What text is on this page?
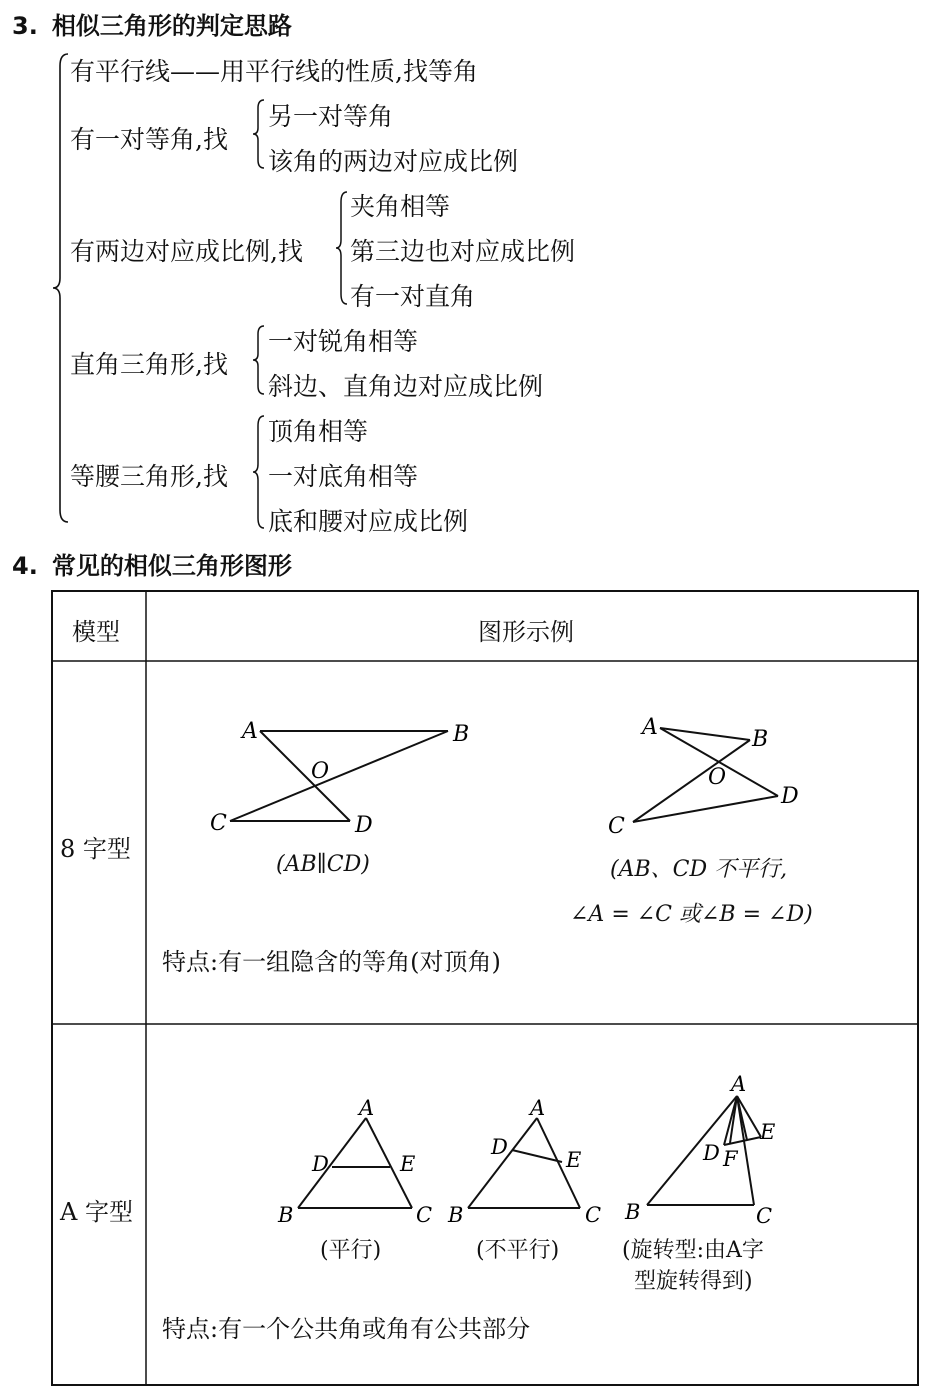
3. 相似三角形的判定思路
有平行线——用平行线的性质,找等角
有一对等角,找
另一对等角
该角的两边对应成比例
有两边对应成比例,找
夹角相等
第三边也对应成比例
有一对直角
直角三角形,找
一对锐角相等
斜边、直角边对应成比例
等腰三角形,找
顶角相等
一对底角相等
底和腰对应成比例
4. 常见的相似三角形图形
模型	图形示例
8 字型
A	B
O
C	D
(AB∥CD)
A	B
O
D
C
(AB、CD 不平行,
∠A = ∠C 或∠B = ∠D)
特点:有一组隐含的等角(对顶角)
A 字型
A
D	E
B	C
(平行)
A
D
E
B	C
(不平行)
A
E
D F
B	C
(旋转型:由A字
型旋转得到)
特点:有一个公共角或角有公共部分
